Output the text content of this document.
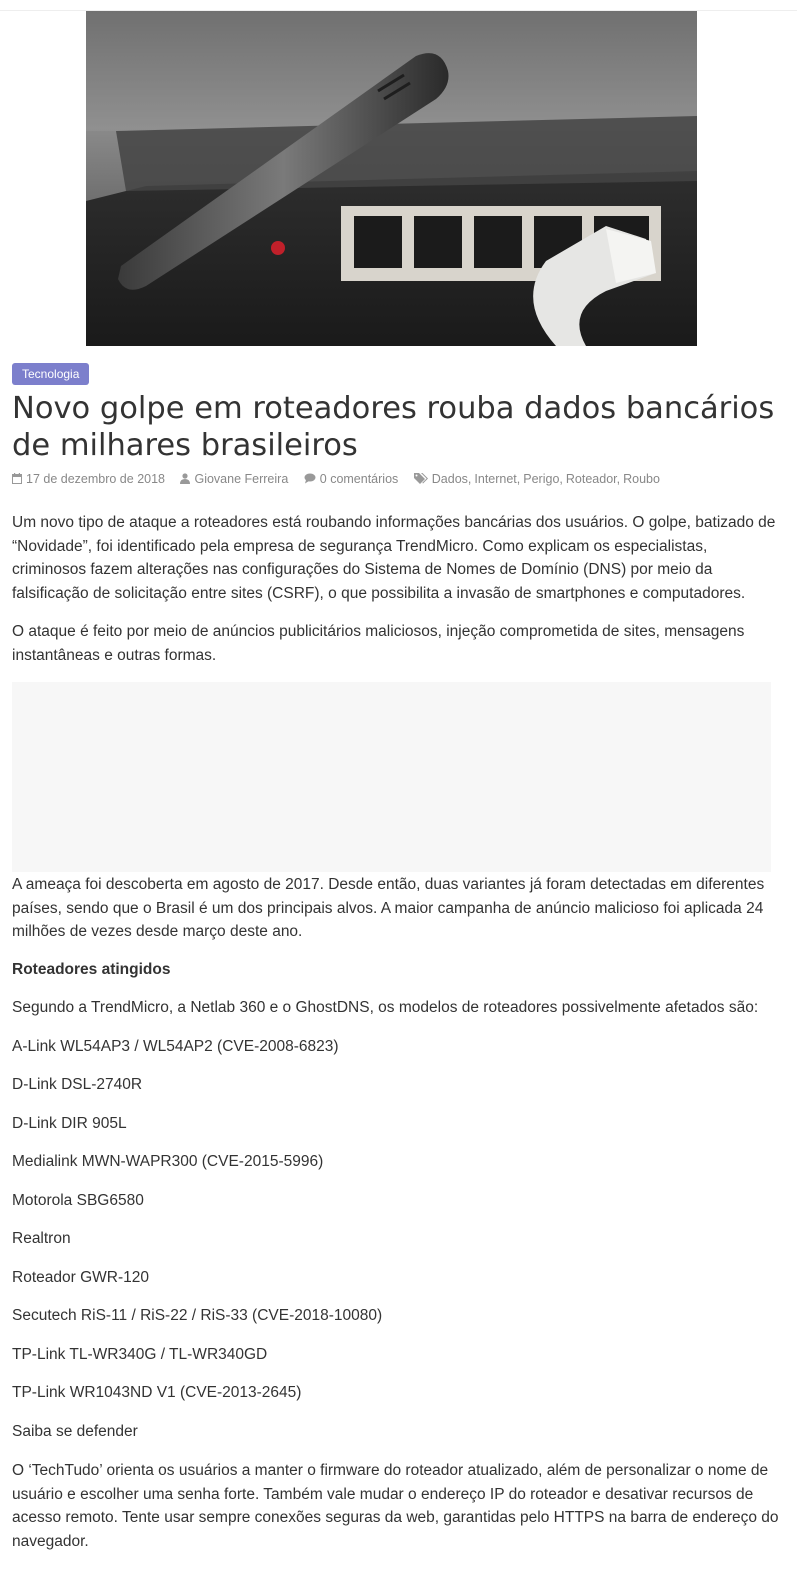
Tecnologia
Novo golpe em roteadores rouba dados bancários de milhares brasileiros
17 de dezembro de 2018 Giovane Ferreira	0 comentários	Dados, Internet, Perigo, Roteador, Roubo

Um novo tipo de ataque a roteadores está roubando informações bancárias dos usuários. O golpe, batizado de “Novidade”, foi identificado pela empresa de segurança TrendMicro. Como explicam os especialistas, criminosos fazem alterações nas configurações do Sistema de Nomes de Domínio (DNS) por meio da falsificação de solicitação entre sites (CSRF), o que possibilita a invasão de smartphones e computadores.

O ataque é feito por meio de anúncios publicitários maliciosos, injeção comprometida de sites, mensagens instantâneas e outras formas.

A ameaça foi descoberta em agosto de 2017. Desde então, duas variantes já foram detectadas em diferentes países, sendo que o Brasil é um dos principais alvos. A maior campanha de anúncio malicioso foi aplicada 24 milhões de vezes desde março deste ano.

Roteadores atingidos
Segundo a TrendMicro, a Netlab 360 e o GhostDNS, os modelos de roteadores possivelmente afetados são:
A-Link WL54AP3 / WL54AP2 (CVE-2008-6823)
D-Link DSL-2740R
D-Link DIR 905L
Medialink MWN-WAPR300 (CVE-2015-5996)
Motorola SBG6580
Realtron
Roteador GWR-120
Secutech RiS-11 / RiS-22 / RiS-33 (CVE-2018-10080)
TP-Link TL-WR340G / TL-WR340GD
TP-Link WR1043ND V1 (CVE-2013-2645)
Saiba se defender

O ‘TechTudo’ orienta os usuários a manter o firmware do roteador atualizado, além de personalizar o nome de usuário e escolher uma senha forte. Também vale mudar o endereço IP do roteador e desativar recursos de acesso remoto. Tente usar sempre conexões seguras da web, garantidas pelo HTTPS na barra de endereço do navegador.
